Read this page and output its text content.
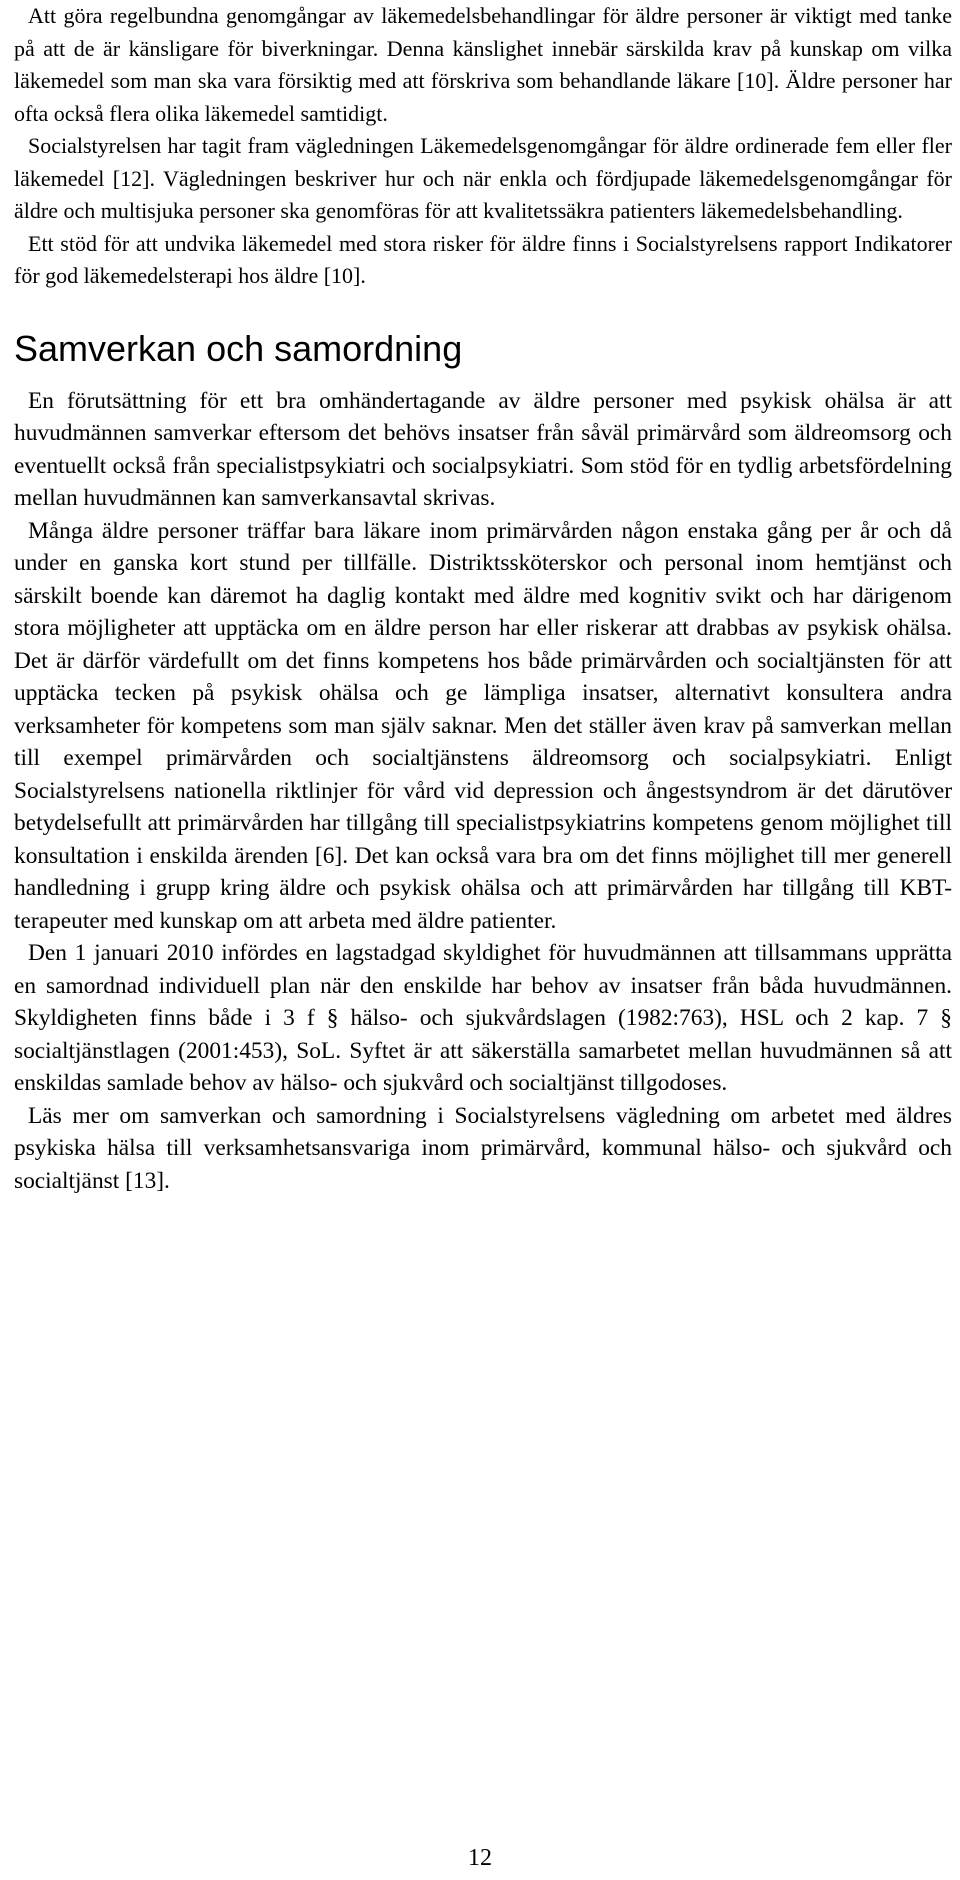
Att göra regelbundna genomgångar av läkemedelsbehandlingar för äldre personer är viktigt med tanke på att de är känsligare för biverkningar. Denna känslighet innebär särskilda krav på kunskap om vilka läkemedel som man ska vara försiktig med att förskriva som behandlande läkare [10]. Äldre personer har ofta också flera olika läkemedel samtidigt.

Socialstyrelsen har tagit fram vägledningen Läkemedelsgenomgångar för äldre ordinerade fem eller fler läkemedel [12]. Vägledningen beskriver hur och när enkla och fördjupade läkemedelsgenomgångar för äldre och multisjuka personer ska genomföras för att kvalitetssäkra patienters läkemedelsbehandling.

Ett stöd för att undvika läkemedel med stora risker för äldre finns i Socialstyrelsens rapport Indikatorer för god läkemedelsterapi hos äldre [10].

Samverkan och samordning

En förutsättning för ett bra omhändertagande av äldre personer med psykisk ohälsa är att huvudmännen samverkar eftersom det behövs insatser från såväl primärvård som äldreomsorg och eventuellt också från specialistpsykiatri och socialpsykiatri. Som stöd för en tydlig arbetsfördelning mellan huvudmännen kan samverkansavtal skrivas.

Många äldre personer träffar bara läkare inom primärvården någon enstaka gång per år och då under en ganska kort stund per tillfälle. Distriktssköterskor och personal inom hemtjänst och särskilt boende kan däremot ha daglig kontakt med äldre med kognitiv svikt och har därigenom stora möjligheter att upptäcka om en äldre person har eller riskerar att drabbas av psykisk ohälsa. Det är därför värdefullt om det finns kompetens hos både primärvården och socialtjänsten för att upptäcka tecken på psykisk ohälsa och ge lämpliga insatser, alternativt konsultera andra verksamheter för kompetens som man själv saknar. Men det ställer även krav på samverkan mellan till exempel primärvården och socialtjänstens äldreomsorg och socialpsykiatri. Enligt Socialstyrelsens nationella riktlinjer för vård vid depression och ångestsyndrom är det därutöver betydelsefullt att primärvården har tillgång till specialistpsykiatrins kompetens genom möjlighet till konsultation i enskilda ärenden [6]. Det kan också vara bra om det finns möjlighet till mer generell handledning i grupp kring äldre och psykisk ohälsa och att primärvården har tillgång till KBT-terapeuter med kunskap om att arbeta med äldre patienter.

Den 1 januari 2010 infördes en lagstadgad skyldighet för huvudmännen att tillsammans upprätta en samordnad individuell plan när den enskilde har behov av insatser från båda huvudmännen. Skyldigheten finns både i 3 f § hälso- och sjukvårdslagen (1982:763), HSL och 2 kap. 7 § socialtjänstlagen (2001:453), SoL. Syftet är att säkerställa samarbetet mellan huvudmännen så att enskildas samlade behov av hälso- och sjukvård och socialtjänst tillgodoses.

Läs mer om samverkan och samordning i Socialstyrelsens vägledning om arbetet med äldres psykiska hälsa till verksamhetsansvariga inom primärvård, kommunal hälso- och sjukvård och socialtjänst [13].

12
